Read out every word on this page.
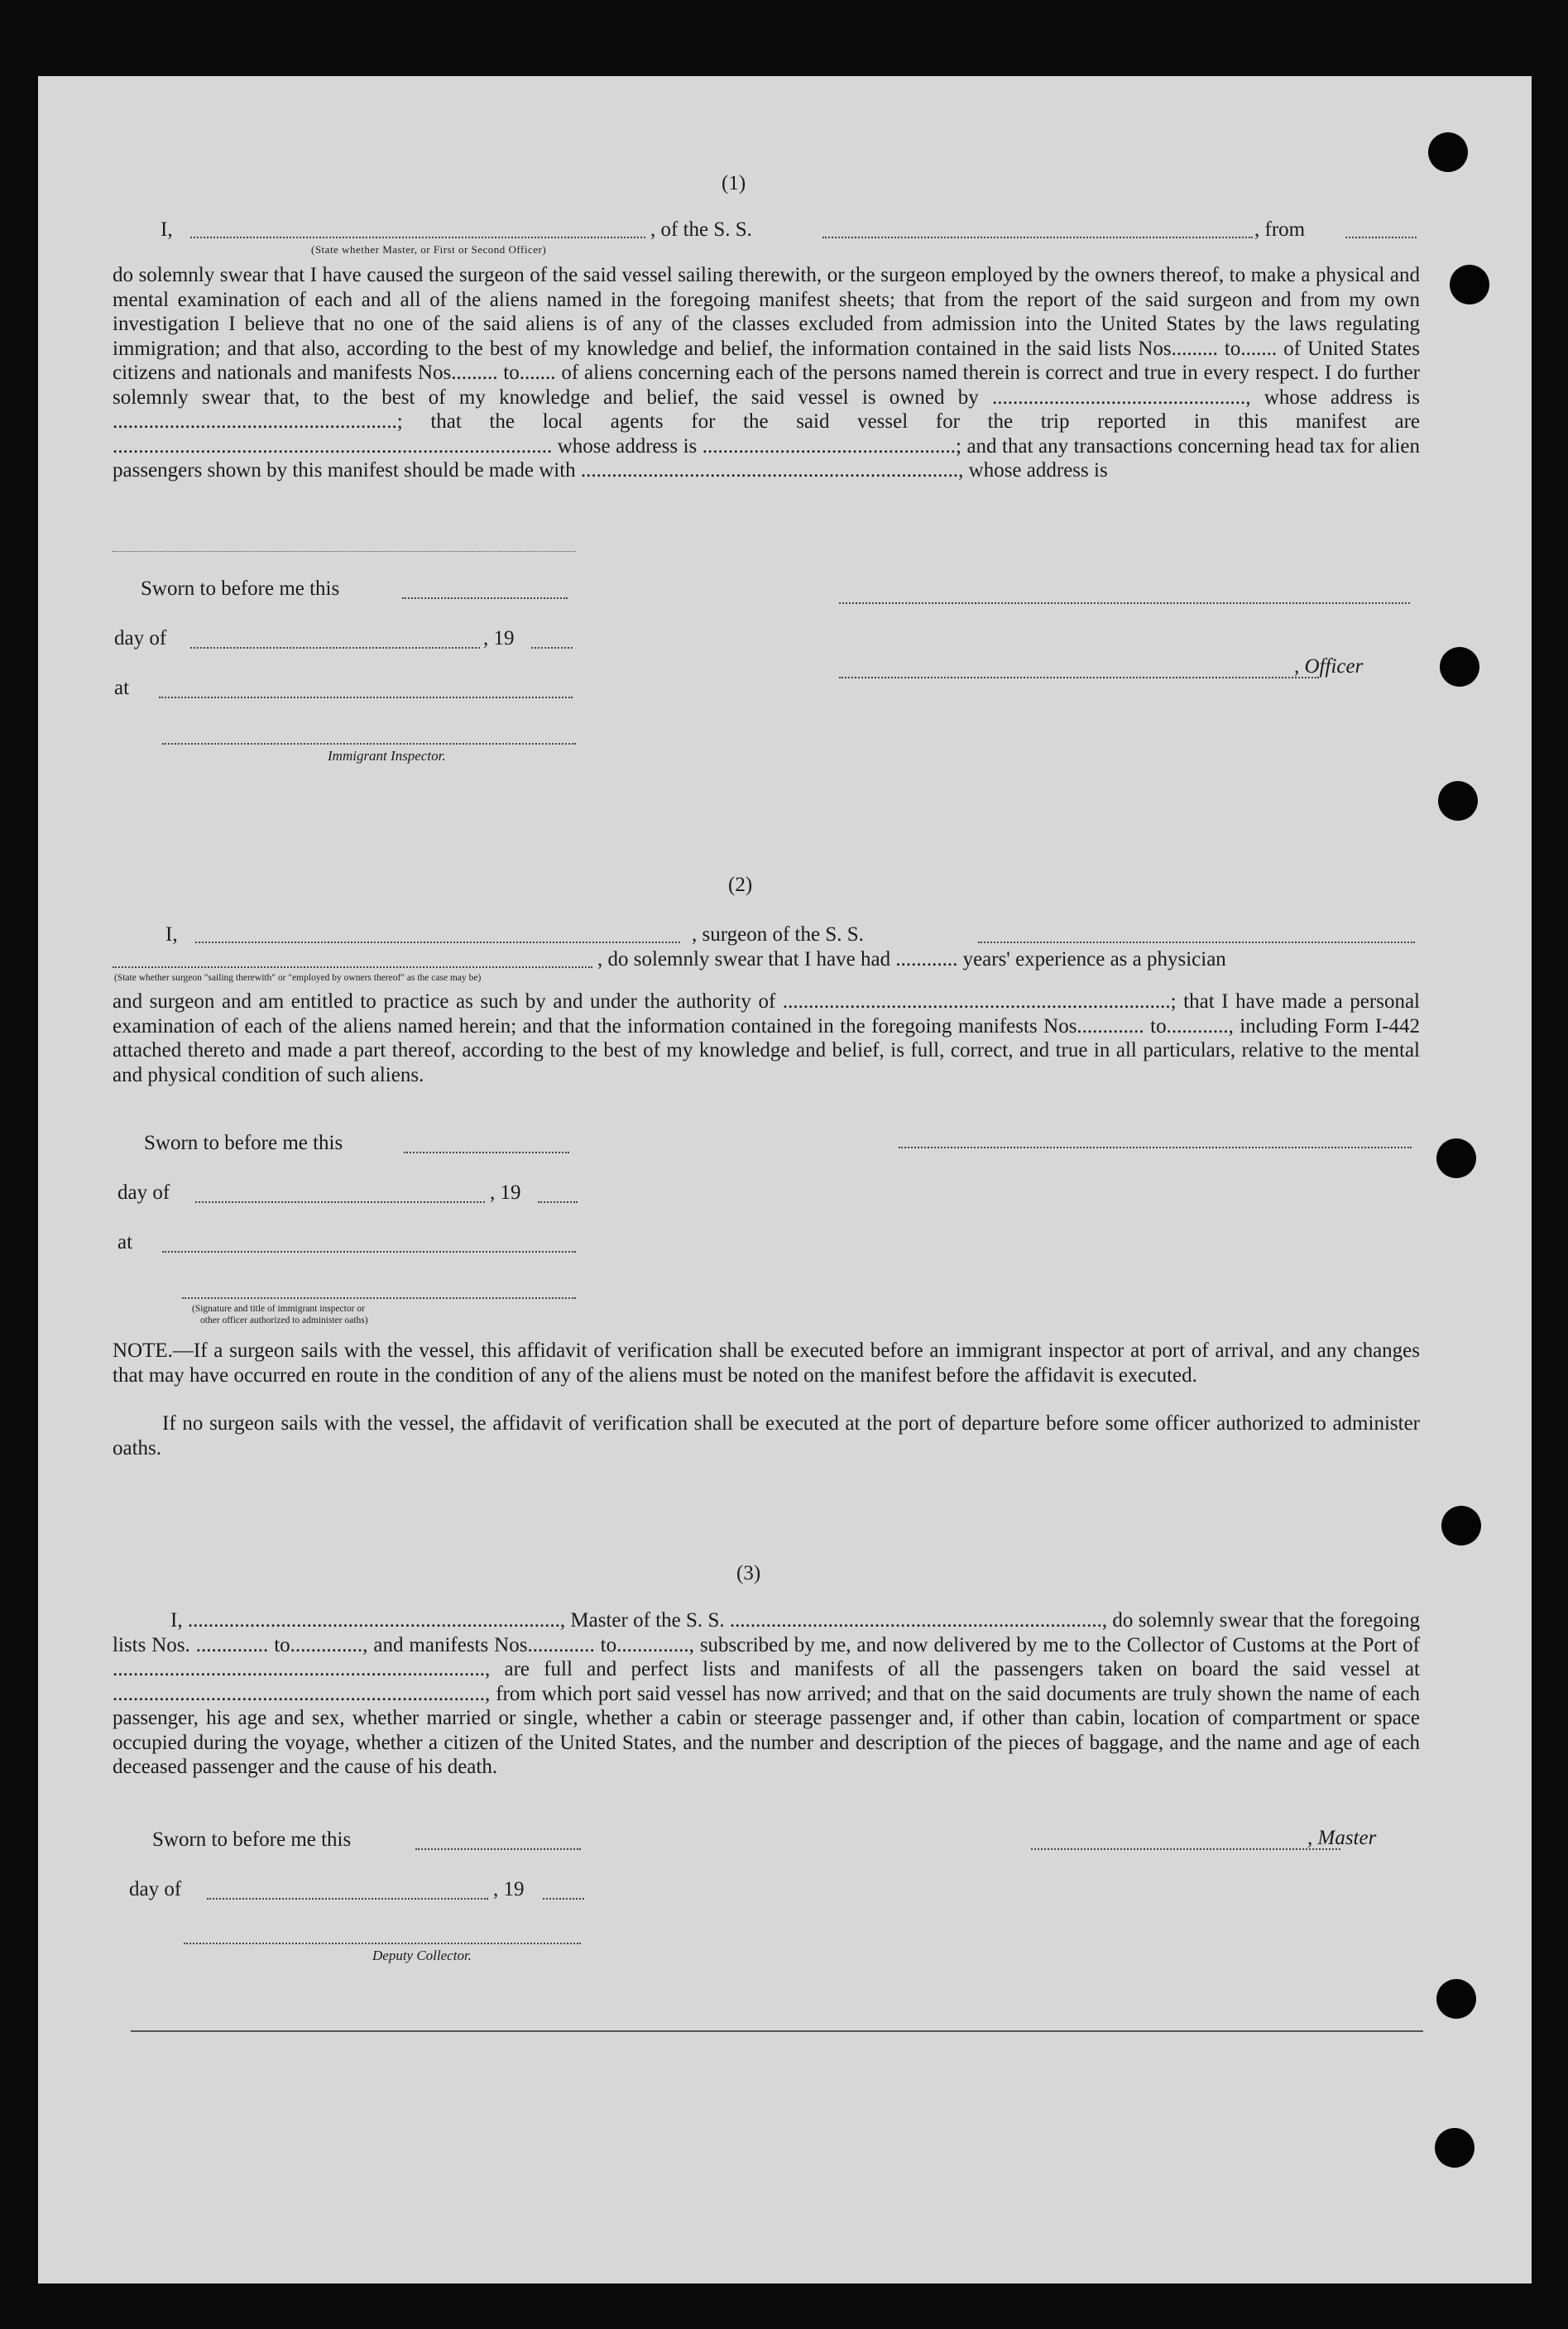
(1)
I,	, of the S. S.	, from
(State whether Master, or First or Second Officer)
do solemnly swear that I have caused the surgeon of the said vessel sailing therewith, or the surgeon employed by the owners thereof, to make a physical and mental examination of each and all of the aliens named in the foregoing manifest sheets; that from the report of the said surgeon and from my own investigation I believe that no one of the said aliens is of any of the classes excluded from admission into the United States by the laws regulating immigration; and that also, according to the best of my knowledge and belief, the information contained in the said lists Nos......... to....... of United States citizens and nationals and manifests Nos......... to....... of aliens concerning each of the persons named therein is correct and true in every respect. I do further solemnly swear that, to the best of my knowledge and belief, the said vessel is owned by ................................................., whose address is .......................................................; that the local agents for the said vessel for the trip reported in this manifest are ..................................................................................... whose address is .................................................; and that any transactions concerning head tax for alien passengers shown by this manifest should be made with ........................................................................., whose address is
Sworn to before me this
day of	, 19
at
Immigrant Inspector.
, Officer
(2)
I,	, surgeon of the S. S.
, do solemnly swear that I have had ............ years' experience as a physician
(State whether surgeon "sailing therewith" or "employed by owners thereof" as the case may be)
and surgeon and am entitled to practice as such by and under the authority of ...........................................................................; that I have made a personal examination of each of the aliens named herein; and that the information contained in the foregoing manifests Nos............. to............, including Form I-442 attached thereto and made a part thereof, according to the best of my knowledge and belief, is full, correct, and true in all particulars, relative to the mental and physical condition of such aliens.
Sworn to before me this
day of	, 19
at
(Signature and title of immigrant inspector or
other officer authorized to administer oaths)
NOTE.—If a surgeon sails with the vessel, this affidavit of verification shall be executed before an immigrant inspector at port of arrival, and any changes that may have occurred en route in the condition of any of the aliens must be noted on the manifest before the affidavit is executed.
If no surgeon sails with the vessel, the affidavit of verification shall be executed at the port of departure before some officer authorized to administer oaths.
(3)
I, ........................................................................, Master of the S. S. ........................................................................, do solemnly swear that the foregoing lists Nos. .............. to.............., and manifests Nos............. to.............., subscribed by me, and now delivered by me to the Collector of Customs at the Port of ........................................................................, are full and perfect lists and manifests of all the passengers taken on board the said vessel at ........................................................................, from which port said vessel has now arrived; and that on the said documents are truly shown the name of each passenger, his age and sex, whether married or single, whether a cabin or steerage passenger and, if other than cabin, location of compartment or space occupied during the voyage, whether a citizen of the United States, and the number and description of the pieces of baggage, and the name and age of each deceased passenger and the cause of his death.
Sworn to before me this
day of	, 19
Deputy Collector.
, Master
